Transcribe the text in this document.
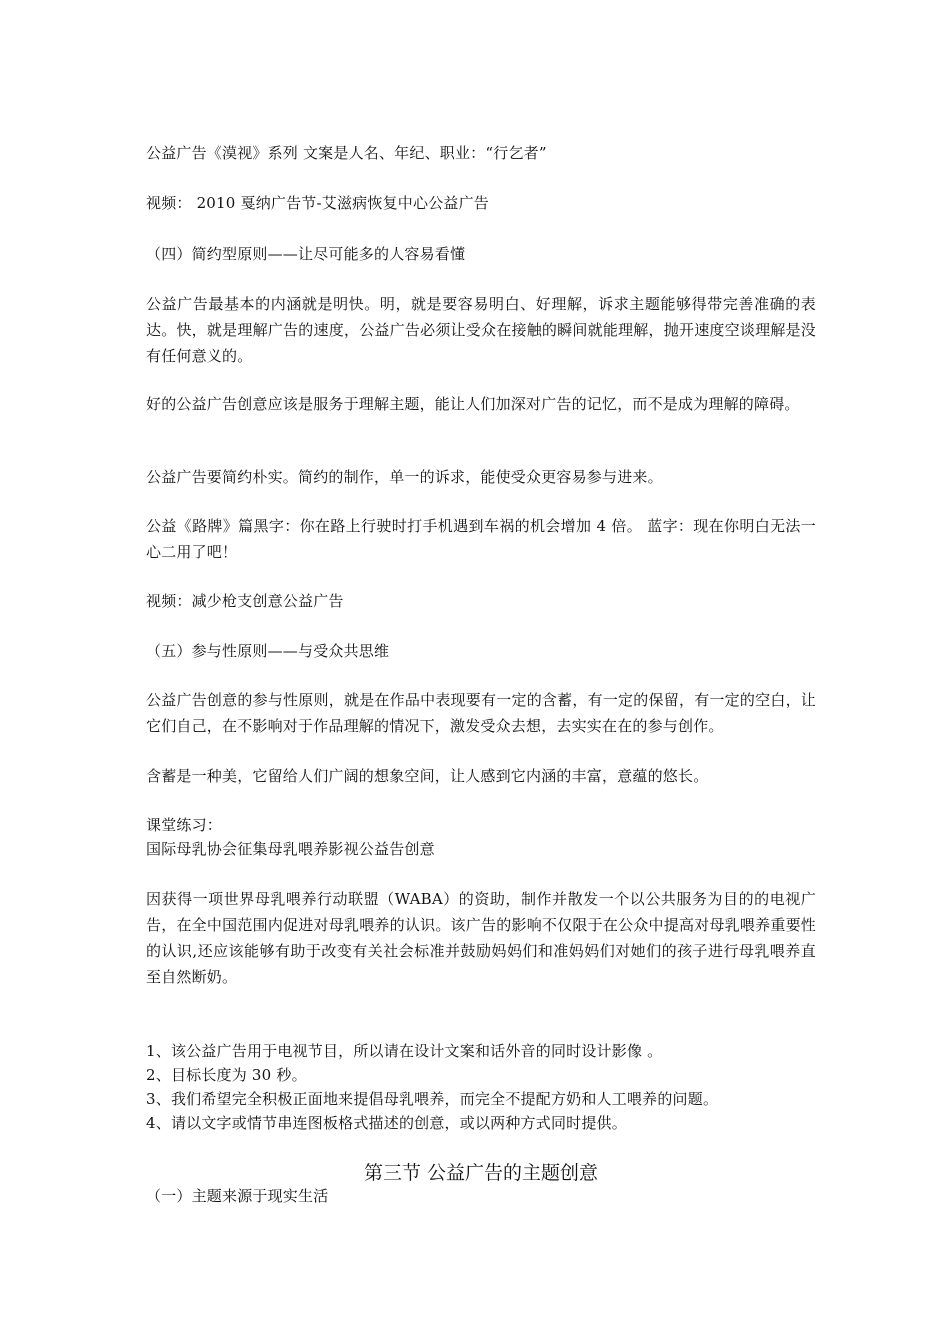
公益广告《漠视》系列 文案是人名、年纪、职业：“行乞者”
视频： 2010 戛纳广告节-艾滋病恢复中心公益广告
（四）简约型原则——让尽可能多的人容易看懂
公益广告最基本的内涵就是明快。明，就是要容易明白、好理解，诉求主题能够得带完善准确的表达。快，就是理解广告的速度，公益广告必须让受众在接触的瞬间就能理解，抛开速度空谈理解是没有任何意义的。
好的公益广告创意应该是服务于理解主题，能让人们加深对广告的记忆，而不是成为理解的障碍。
公益广告要简约朴实。简约的制作，单一的诉求，能使受众更容易参与进来。
公益《路牌》篇黑字：你在路上行驶时打手机遇到车祸的机会增加 4 倍。 蓝字：现在你明白无法一心二用了吧！
视频：减少枪支创意公益广告
（五）参与性原则——与受众共思维
公益广告创意的参与性原则，就是在作品中表现要有一定的含蓄，有一定的保留，有一定的空白，让它们自己，在不影响对于作品理解的情况下，激发受众去想，去实实在在的参与创作。
含蓄是一种美，它留给人们广阔的想象空间，让人感到它内涵的丰富，意蕴的悠长。
课堂练习：
国际母乳协会征集母乳喂养影视公益告创意
因获得一项世界母乳喂养行动联盟（WABA）的资助，制作并散发一个以公共服务为目的的电视广告，在全中国范围内促进对母乳喂养的认识。该广告的影响不仅限于在公众中提高对母乳喂养重要性的认识,还应该能够有助于改变有关社会标准并鼓励妈妈们和准妈妈们对她们的孩子进行母乳喂养直至自然断奶。
1、该公益广告用于电视节目，所以请在设计文案和话外音的同时设计影像 。
2、目标长度为 30 秒。
3、我们希望完全积极正面地来提倡母乳喂养，而完全不提配方奶和人工喂养的问题。
4、请以文字或情节串连图板格式描述的创意，或以两种方式同时提供。
第三节 公益广告的主题创意
（一）主题来源于现实生活
